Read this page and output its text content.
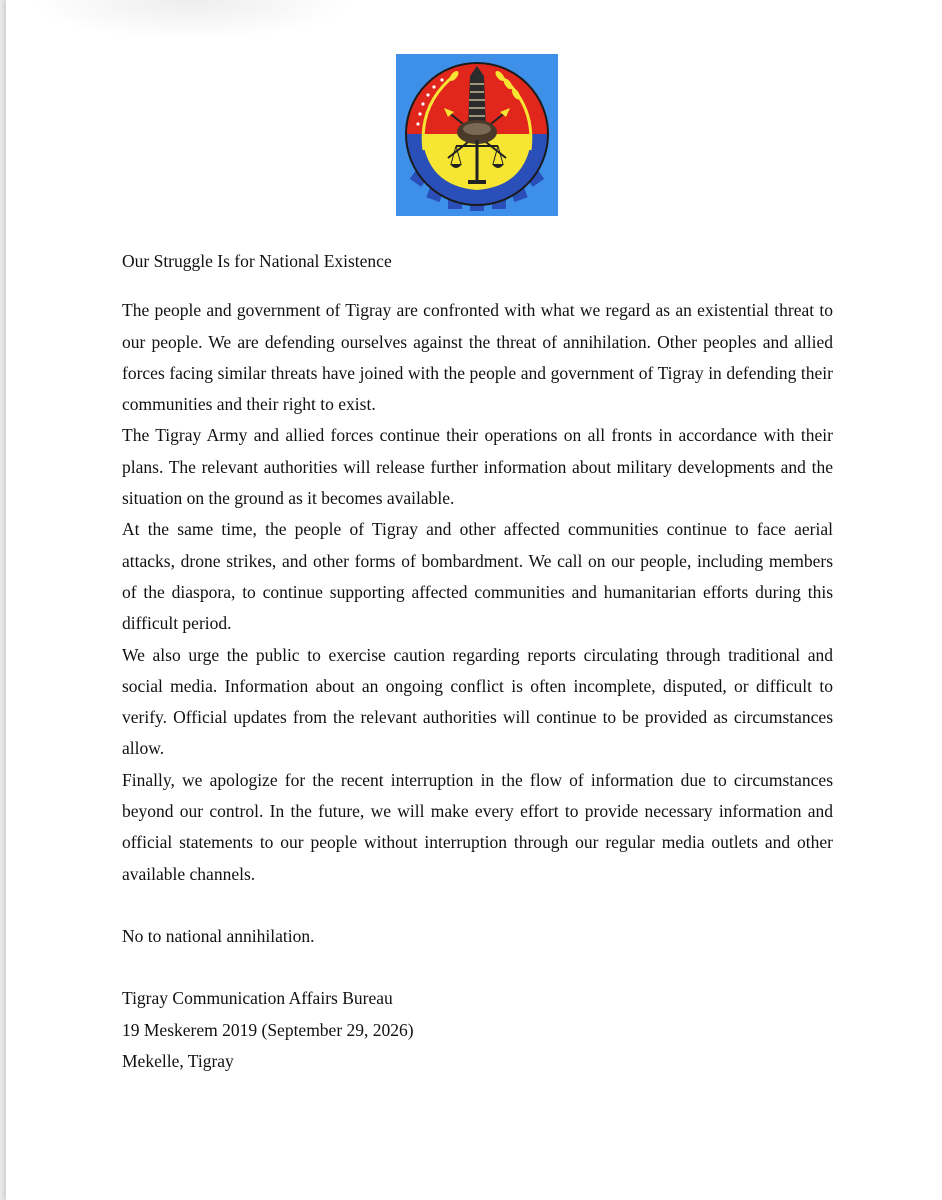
Our Struggle Is for National Existence

The people and government of Tigray are confronted with what we regard as an existential threat to our people. We are defending ourselves against the threat of annihilation. Other peoples and allied forces facing similar threats have joined with the people and government of Tigray in defending their communities and their right to exist.

The Tigray Army and allied forces continue their operations on all fronts in accordance with their plans. The relevant authorities will release further information about military developments and the situation on the ground as it becomes available.

At the same time, the people of Tigray and other affected communities continue to face aerial attacks, drone strikes, and other forms of bombardment. We call on our people, including members of the diaspora, to continue supporting affected communities and humanitarian efforts during this difficult period.

We also urge the public to exercise caution regarding reports circulating through traditional and social media. Information about an ongoing conflict is often incomplete, disputed, or difficult to verify. Official updates from the relevant authorities will continue to be provided as circumstances allow.

Finally, we apologize for the recent interruption in the flow of information due to circumstances beyond our control. In the future, we will make every effort to provide necessary information and official statements to our people without interruption through our regular media outlets and other available channels.

No to national annihilation.

Tigray Communication Affairs Bureau

19 Meskerem 2019 (September 29, 2026)

Mekelle, Tigray
